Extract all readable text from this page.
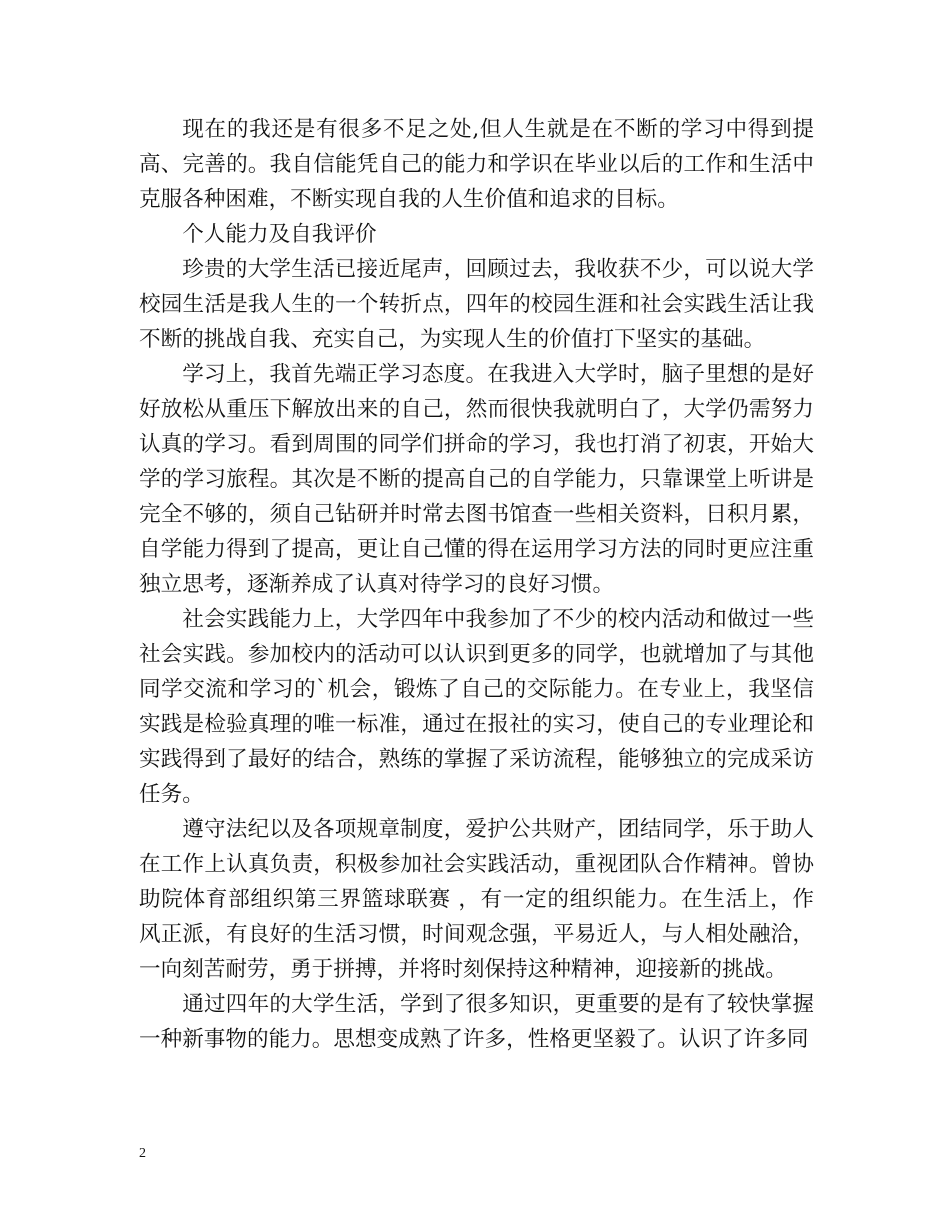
现在的我还是有很多不足之处,但人生就是在不断的学习中得到提高、完善的。我自信能凭自己的能力和学识在毕业以后的工作和生活中克服各种困难，不断实现自我的人生价值和追求的目标。

个人能力及自我评价

珍贵的大学生活已接近尾声，回顾过去，我收获不少，可以说大学校园生活是我人生的一个转折点，四年的校园生涯和社会实践生活让我不断的挑战自我、充实自己，为实现人生的价值打下坚实的基础。

学习上，我首先端正学习态度。在我进入大学时，脑子里想的是好好放松从重压下解放出来的自己，然而很快我就明白了，大学仍需努力认真的学习。看到周围的同学们拼命的学习，我也打消了初衷，开始大学的学习旅程。其次是不断的提高自己的自学能力，只靠课堂上听讲是完全不够的，须自己钻研并时常去图书馆查一些相关资料，日积月累，自学能力得到了提高，更让自己懂的得在运用学习方法的同时更应注重独立思考，逐渐养成了认真对待学习的良好习惯。

社会实践能力上，大学四年中我参加了不少的校内活动和做过一些社会实践。参加校内的活动可以认识到更多的同学，也就增加了与其他同学交流和学习的`机会，锻炼了自己的交际能力。在专业上，我坚信实践是检验真理的唯一标准，通过在报社的实习，使自己的专业理论和实践得到了最好的结合，熟练的掌握了采访流程，能够独立的完成采访任务。

遵守法纪以及各项规章制度，爱护公共财产，团结同学，乐于助人在工作上认真负责，积极参加社会实践活动，重视团队合作精神。曾协助院体育部组织第三界篮球联赛 ，有一定的组织能力。在生活上，作风正派，有良好的生活习惯，时间观念强，平易近人，与人相处融洽，一向刻苦耐劳，勇于拼搏，并将时刻保持这种精神，迎接新的挑战。

通过四年的大学生活，学到了很多知识，更重要的是有了较快掌握一种新事物的能力。思想变成熟了许多，性格更坚毅了。认识了许多同

2
